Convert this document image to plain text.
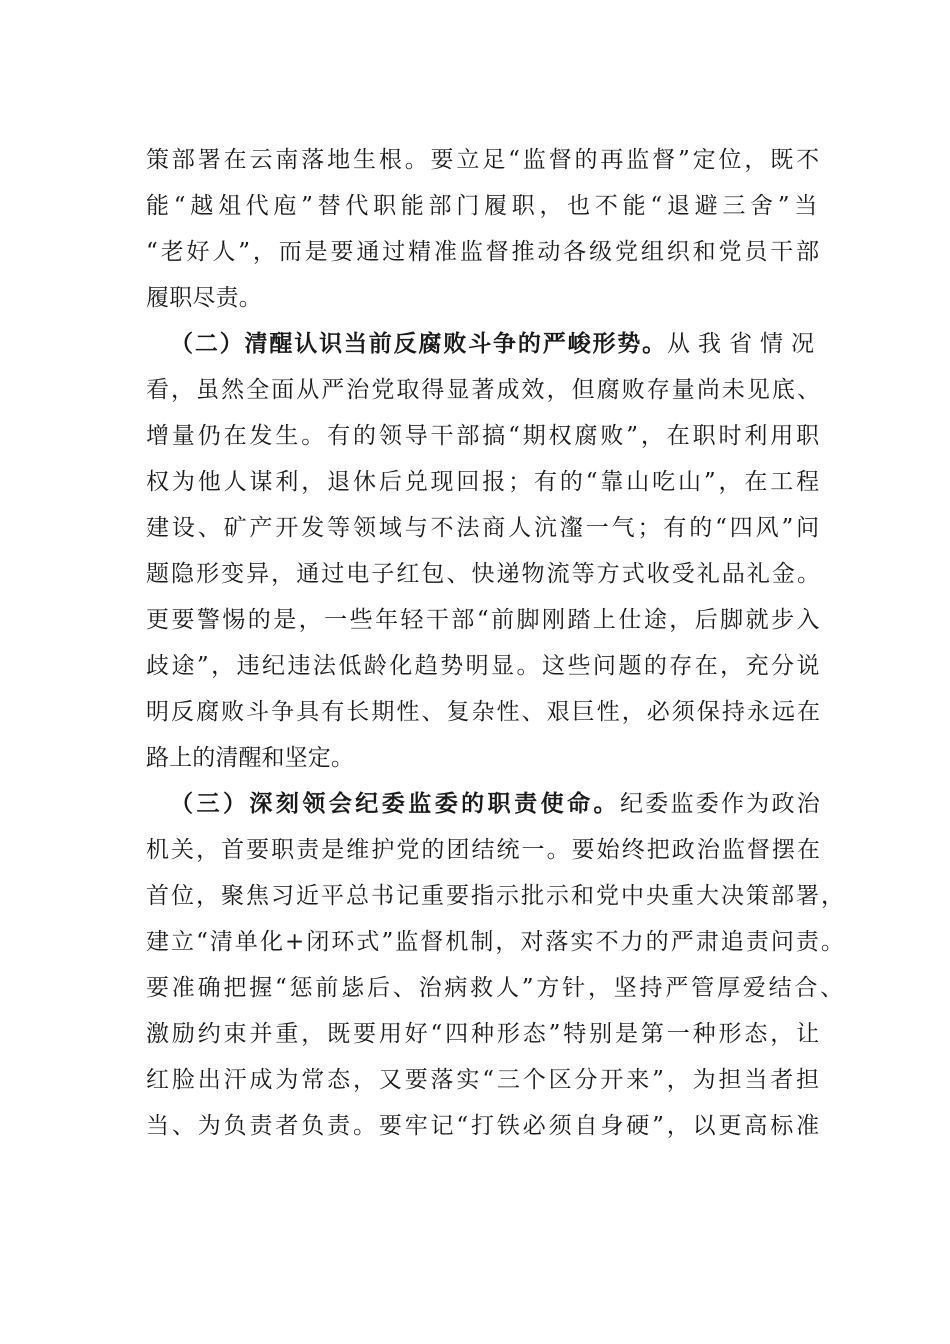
策部署在云南落地生根。要立足“监督的再监督”定位，既不

能“越俎代庖”替代职能部门履职，也不能“退避三舍”当

“老好人”，而是要通过精准监督推动各级党组织和党员干部

履职尽责。

（二）清醒认识当前反腐败斗争的严峻形势。

从我省情况

看，虽然全面从严治党取得显著成效，但腐败存量尚未见底、

增量仍在发生。有的领导干部搞“期权腐败”，在职时利用职

权为他人谋利，退休后兑现回报；有的“靠山吃山”，在工程

建设、矿产开发等领域与不法商人沆瀣一气；有的“四风”问

题隐形变异，通过电子红包、快递物流等方式收受礼品礼金。

更要警惕的是，一些年轻干部“前脚刚踏上仕途，后脚就步入

歧途”，违纪违法低龄化趋势明显。这些问题的存在，充分说

明反腐败斗争具有长期性、复杂性、艰巨性，必须保持永远在

路上的清醒和坚定。

（三）深刻领会纪委监委的职责使命。

纪委监委作为政治

机关，首要职责是维护党的团结统一。要始终把政治监督摆在

首位，聚焦习近平总书记重要指示批示和党中央重大决策部署，

建立“清单化+闭环式”监督机制，对落实不力的严肃追责问责。

要准确把握“惩前毖后、治病救人”方针，坚持严管厚爱结合、

激励约束并重，既要用好“四种形态”特别是第一种形态，让

红脸出汗成为常态，又要落实“三个区分开来”，为担当者担

当、为负责者负责。要牢记“打铁必须自身硬”，以更高标准
